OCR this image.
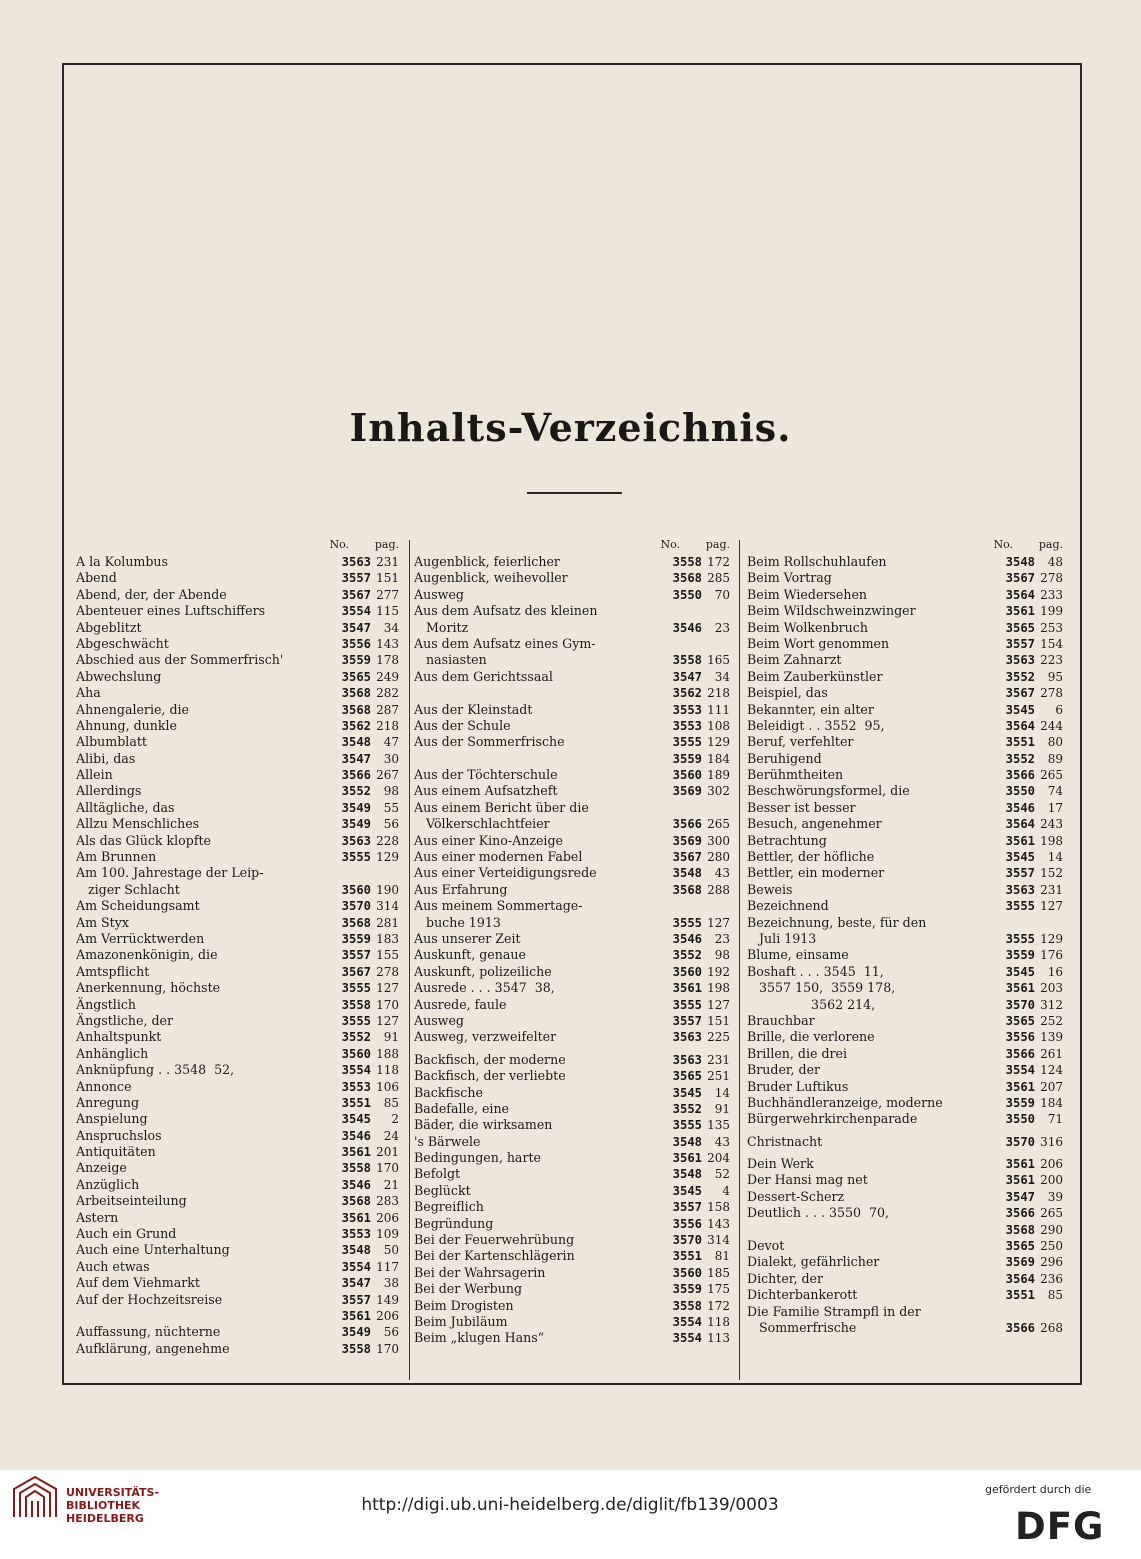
Inhalts-Verzeichnis.
No. pag.
A la Kolumbus	3563 231
Abend	3557 151
Abend, der, der Abende	3567 277
Abenteuer eines Luftschiffers	3554 115
Abgeblitzt	3547 34
Abgeschwächt	3556 143
Abschied aus der Sommerfrisch'	3559 178
Abwechslung	3565 249
Aha	3568 282
Ahnengalerie, die	3568 287
Ahnung, dunkle	3562 218
Albumblatt	3548 47
Alibi, das	3547 30
Allein	3566 267
Allerdings	3552 98
Alltägliche, das	3549 55
Allzu Menschliches	3549 56
Als das Glück klopfte	3563 228
Am Brunnen	3555 129
Am 100. Jahrestage der Leip-
ziger Schlacht	3560 190
Am Scheidungsamt	3570 314
Am Styx	3568 281
Am Verrücktwerden	3559 183
Amazonenkönigin, die	3557 155
Amtspflicht	3567 278
Anerkennung, höchste	3555 127
Ängstlich	3558 170
Ängstliche, der	3555 127
Anhaltspunkt	3552 91
Anhänglich	3560 188
Anknüpfung . . 3548  52,	3554 118
Annonce	3553 106
Anregung	3551 85
Anspielung	3545 2
Anspruchslos	3546 24
Antiquitäten	3561 201
Anzeige	3558 170
Anzüglich	3546 21
Arbeitseinteilung	3568 283
Astern	3561 206
Auch ein Grund	3553 109
Auch eine Unterhaltung	3548 50
Auch etwas	3554 117
Auf dem Viehmarkt	3547 38
Auf der Hochzeitsreise	3557 149
3561 206
Auffassung, nüchterne	3549 56
Aufklärung, angenehme	3558 170
No. pag.
Augenblick, feierlicher	3558 172
Augenblick, weihevoller	3568 285
Ausweg	3550 70
Aus dem Aufsatz des kleinen
Moritz	3546 23
Aus dem Aufsatz eines Gym-
nasiasten	3558 165
Aus dem Gerichtssaal	3547 34
3562 218
Aus der Kleinstadt	3553 111
Aus der Schule	3553 108
Aus der Sommerfrische	3555 129
3559 184
Aus der Töchterschule	3560 189
Aus einem Aufsatzheft	3569 302
Aus einem Bericht über die
Völkerschlachtfeier	3566 265
Aus einer Kino-Anzeige	3569 300
Aus einer modernen Fabel	3567 280
Aus einer Verteidigungsrede	3548 43
Aus Erfahrung	3568 288
Aus meinem Sommertage-
buche 1913	3555 127
Aus unserer Zeit	3546 23
Auskunft, genaue	3552 98
Auskunft, polizeiliche	3560 192
Ausrede . . . 3547  38,	3561 198
Ausrede, faule	3555 127
Ausweg	3557 151
Ausweg, verzweifelter	3563 225
Backfisch, der moderne	3563 231
Backfisch, der verliebte	3565 251
Backfische	3545 14
Badefalle, eine	3552 91
Bäder, die wirksamen	3555 135
's Bärwele	3548 43
Bedingungen, harte	3561 204
Befolgt	3548 52
Beglückt	3545 4
Begreiflich	3557 158
Begründung	3556 143
Bei der Feuerwehrübung	3570 314
Bei der Kartenschlägerin	3551 81
Bei der Wahrsagerin	3560 185
Bei der Werbung	3559 175
Beim Drogisten	3558 172
Beim Jubiläum	3554 118
Beim „klugen Hans“	3554 113
No. pag.
Beim Rollschuhlaufen	3548 48
Beim Vortrag	3567 278
Beim Wiedersehen	3564 233
Beim Wildschweinzwinger	3561 199
Beim Wolkenbruch	3565 253
Beim Wort genommen	3557 154
Beim Zahnarzt	3563 223
Beim Zauberkünstler	3552 95
Beispiel, das	3567 278
Bekannter, ein alter	3545 6
Beleidigt . . 3552  95,	3564 244
Beruf, verfehlter	3551 80
Beruhigend	3552 89
Berühmtheiten	3566 265
Beschwörungsformel, die	3550 74
Besser ist besser	3546 17
Besuch, angenehmer	3564 243
Betrachtung	3561 198
Bettler, der höfliche	3545 14
Bettler, ein moderner	3557 152
Beweis	3563 231
Bezeichnend	3555 127
Bezeichnung, beste, für den
Juli 1913	3555 129
Blume, einsame	3559 176
Boshaft . . . 3545  11,	3545 16
3557 150,  3559 178,	3561 203
3562 214,	3570 312
Brauchbar	3565 252
Brille, die verlorene	3556 139
Brillen, die drei	3566 261
Bruder, der	3554 124
Bruder Luftikus	3561 207
Buchhändleranzeige, moderne	3559 184
Bürgerwehrkirchenparade	3550 71
Christnacht	3570 316
Dein Werk	3561 206
Der Hansi mag net	3561 200
Dessert-Scherz	3547 39
Deutlich . . . 3550  70,	3566 265
3568 290
Devot	3565 250
Dialekt, gefährlicher	3569 296
Dichter, der	3564 236
Dichterbankerott	3551 85
Die Familie Strampfl in der
Sommerfrische	3566 268
UNIVERSITÄTS-
BIBLIOTHEK
HEIDELBERG
http://digi.ub.uni-heidelberg.de/diglit/fb139/0003
gefördert durch die
DFG
